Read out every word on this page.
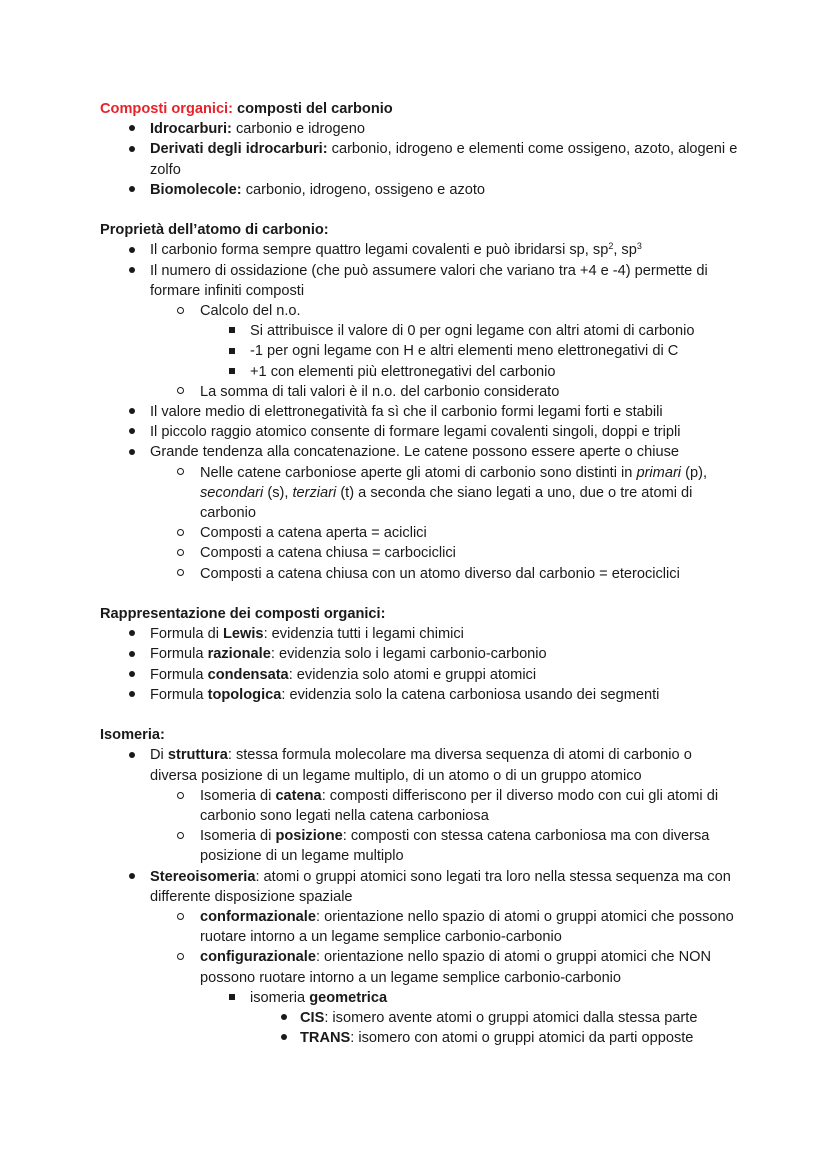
Composti organici: composti del carbonio
Idrocarburi: carbonio e idrogeno
Derivati degli idrocarburi: carbonio, idrogeno e elementi come ossigeno, azoto, alogeni e zolfo
Biomolecole: carbonio, idrogeno, ossigeno e azoto
Proprietà dell’atomo di carbonio:
Il carbonio forma sempre quattro legami covalenti e può ibridarsi sp, $sp^2$, $sp^3$
Il numero di ossidazione (che può assumere valori che variano tra +4 e -4) permette di formare infiniti composti
Calcolo del n.o.
Si attribuisce il valore di 0 per ogni legame con altri atomi di carbonio
-1 per ogni legame con H e altri elementi meno elettronegativi di C
+1 con elementi più elettronegativi del carbonio
La somma di tali valori è il n.o. del carbonio considerato
Il valore medio di elettronegatività fa sì che il carbonio formi legami forti e stabili
Il piccolo raggio atomico consente di formare legami covalenti singoli, doppi e tripli
Grande tendenza alla concatenazione. Le catene possono essere aperte o chiuse
Nelle catene carboniose aperte gli atomi di carbonio sono distinti in primari (p), secondari (s), terziari (t) a seconda che siano legati a uno, due o tre atomi di carbonio
Composti a catena aperta = aciclici
Composti a catena chiusa = carbociclici
Composti a catena chiusa con un atomo diverso dal carbonio = eterociclici
Rappresentazione dei composti organici:
Formula di Lewis: evidenzia tutti i legami chimici
Formula razionale: evidenzia solo i legami carbonio-carbonio
Formula condensata: evidenzia solo atomi e gruppi atomici
Formula topologica: evidenzia solo la catena carboniosa usando dei segmenti
Isomeria:
Di struttura: stessa formula molecolare ma diversa sequenza di atomi di carbonio o diversa posizione di un legame multiplo, di un atomo o di un gruppo atomico
Isomeria di catena: composti differiscono per il diverso modo con cui gli atomi di carbonio sono legati nella catena carboniosa
Isomeria di posizione: composti con stessa catena carboniosa ma con diversa posizione di un legame multiplo
Stereoisomeria: atomi o gruppi atomici sono legati tra loro nella stessa sequenza ma con differente disposizione spaziale
conformazionale: orientazione nello spazio di atomi o gruppi atomici che possono ruotare intorno a un legame semplice carbonio-carbonio
configurazionale: orientazione nello spazio di atomi o gruppi atomici che NON possono ruotare intorno a un legame semplice carbonio-carbonio
isomeria geometrica
CIS: isomero avente atomi o gruppi atomici dalla stessa parte
TRANS: isomero con atomi o gruppi atomici da parti opposte
